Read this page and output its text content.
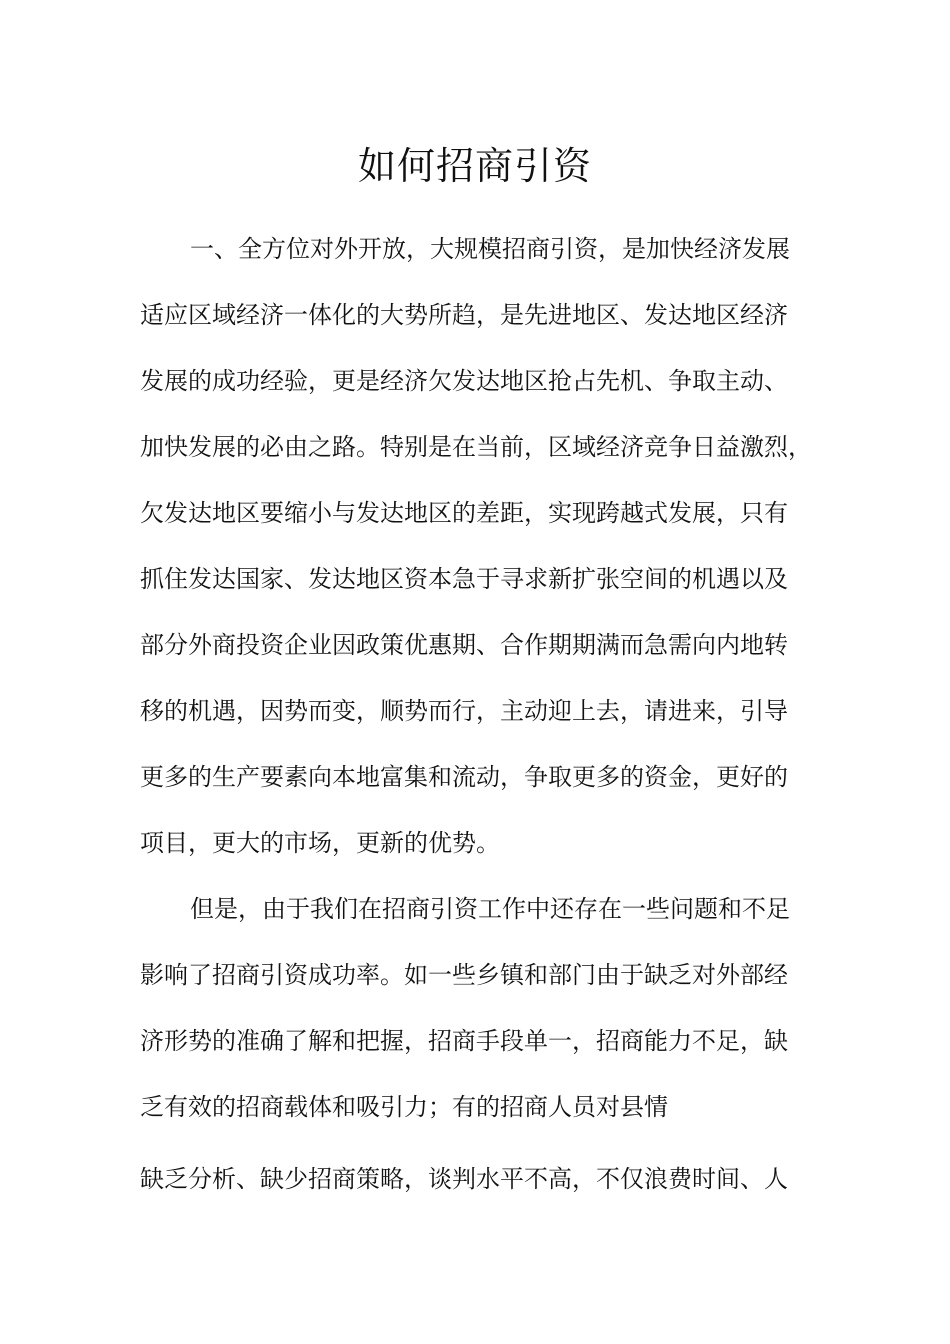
如何招商引资
一、全方位对外开放，大规模招商引资，是加快经济发展
适应区域经济一体化的大势所趋，是先进地区、发达地区经济
发展的成功经验，更是经济欠发达地区抢占先机、争取主动、
加快发展的必由之路。特别是在当前，区域经济竞争日益激烈，
欠发达地区要缩小与发达地区的差距，实现跨越式发展，只有
抓住发达国家、发达地区资本急于寻求新扩张空间的机遇以及
部分外商投资企业因政策优惠期、合作期期满而急需向内地转
移的机遇，因势而变，顺势而行，主动迎上去，请进来，引导
更多的生产要素向本地富集和流动，争取更多的资金，更好的
项目，更大的市场，更新的优势。
但是，由于我们在招商引资工作中还存在一些问题和不足
影响了招商引资成功率。如一些乡镇和部门由于缺乏对外部经
济形势的准确了解和把握，招商手段单一，招商能力不足，缺
乏有效的招商载体和吸引力；有的招商人员对县情
缺乏分析、缺少招商策略，谈判水平不高，不仅浪费时间、人
